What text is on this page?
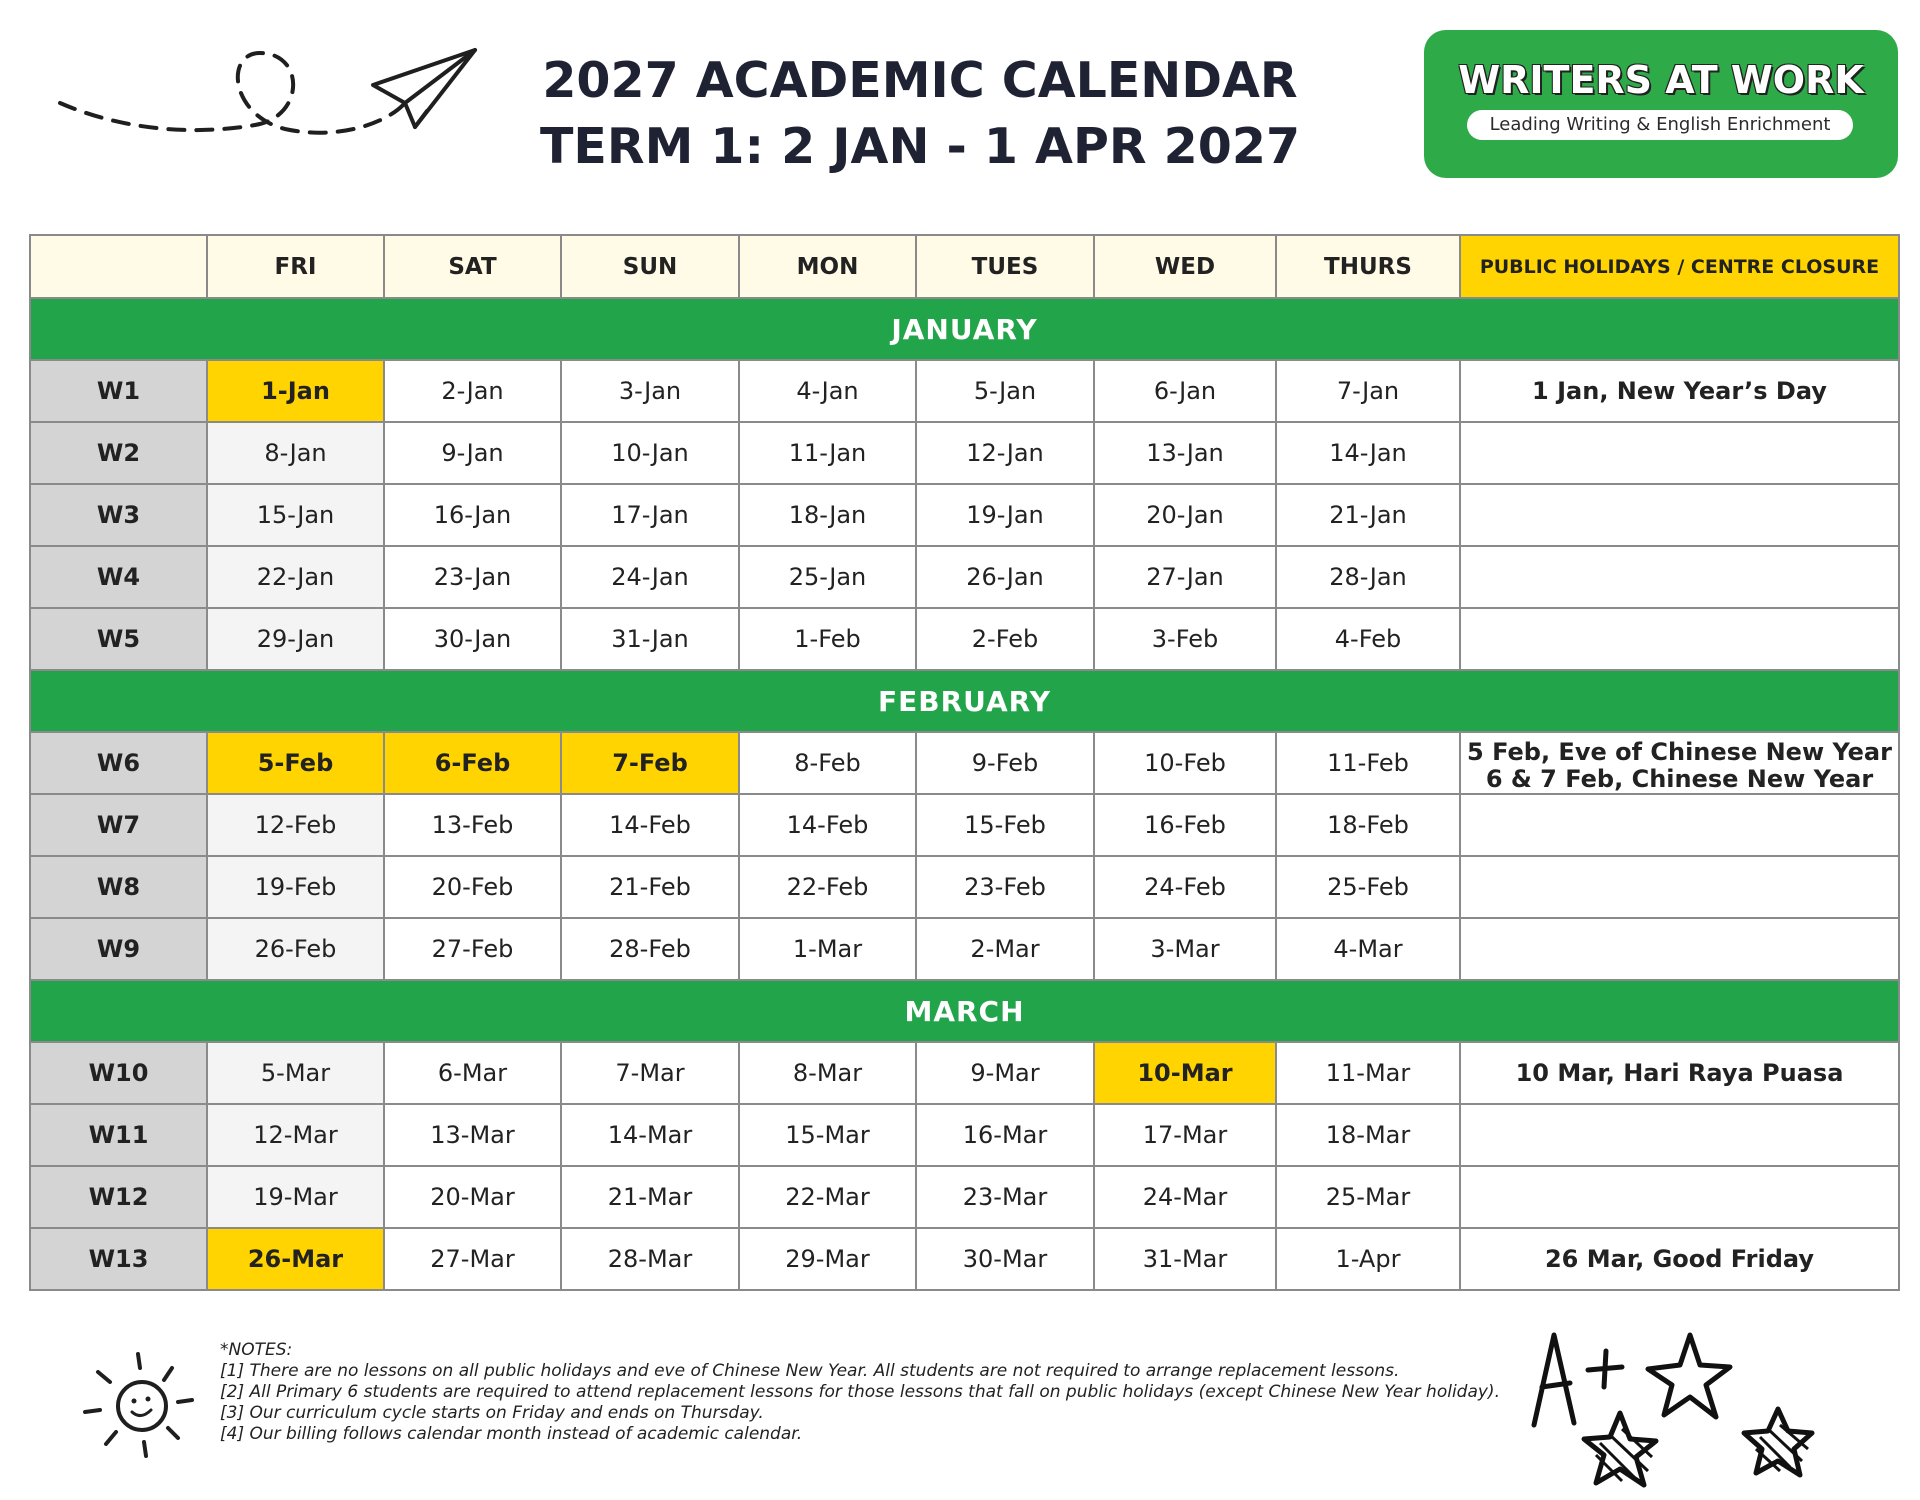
2027 ACADEMIC CALENDAR
TERM 1: 2 JAN - 1 APR 2027
WRITERS AT WORK
Leading Writing & English Enrichment
	FRI	SAT	SUN	MON	TUES	WED	THURS	PUBLIC HOLIDAYS / CENTRE CLOSURE
JANUARY								
W1	1-Jan	2-Jan	3-Jan	4-Jan	5-Jan	6-Jan	7-Jan	1 Jan, New Year’s Day

W2	8-Jan	9-Jan	10-Jan	11-Jan	12-Jan	13-Jan	14-Jan	
W3	15-Jan	16-Jan	17-Jan	18-Jan	19-Jan	20-Jan	21-Jan	
W4	22-Jan	23-Jan	24-Jan	25-Jan	26-Jan	27-Jan	28-Jan	
W5	29-Jan	30-Jan	31-Jan	1-Feb	2-Feb	3-Feb	4-Feb	
FEBRUARY								
W6	5-Feb	6-Feb	7-Feb	8-Feb	9-Feb	10-Feb	11-Feb	5 Feb, Eve of Chinese New Year
6 & 7 Feb, Chinese New Year

W7	12-Feb	13-Feb	14-Feb	14-Feb	15-Feb	16-Feb	18-Feb	
W8	19-Feb	20-Feb	21-Feb	22-Feb	23-Feb	24-Feb	25-Feb	
W9	26-Feb	27-Feb	28-Feb	1-Mar	2-Mar	3-Mar	4-Mar	
MARCH								
W10	5-Mar	6-Mar	7-Mar	8-Mar	9-Mar	10-Mar	11-Mar	10 Mar, Hari Raya Puasa

W11	12-Mar	13-Mar	14-Mar	15-Mar	16-Mar	17-Mar	18-Mar	
W12	19-Mar	20-Mar	21-Mar	22-Mar	23-Mar	24-Mar	25-Mar	
W13	26-Mar	27-Mar	28-Mar	29-Mar	30-Mar	31-Mar	1-Apr	26 Mar, Good Friday
*NOTES:
[1] There are no lessons on all public holidays and eve of Chinese New Year. All students are not required to arrange replacement lessons.
[2] All Primary 6 students are required to attend replacement lessons for those lessons that fall on public holidays (except Chinese New Year holiday).
[3] Our curriculum cycle starts on Friday and ends on Thursday.
[4] Our billing follows calendar month instead of academic calendar.
